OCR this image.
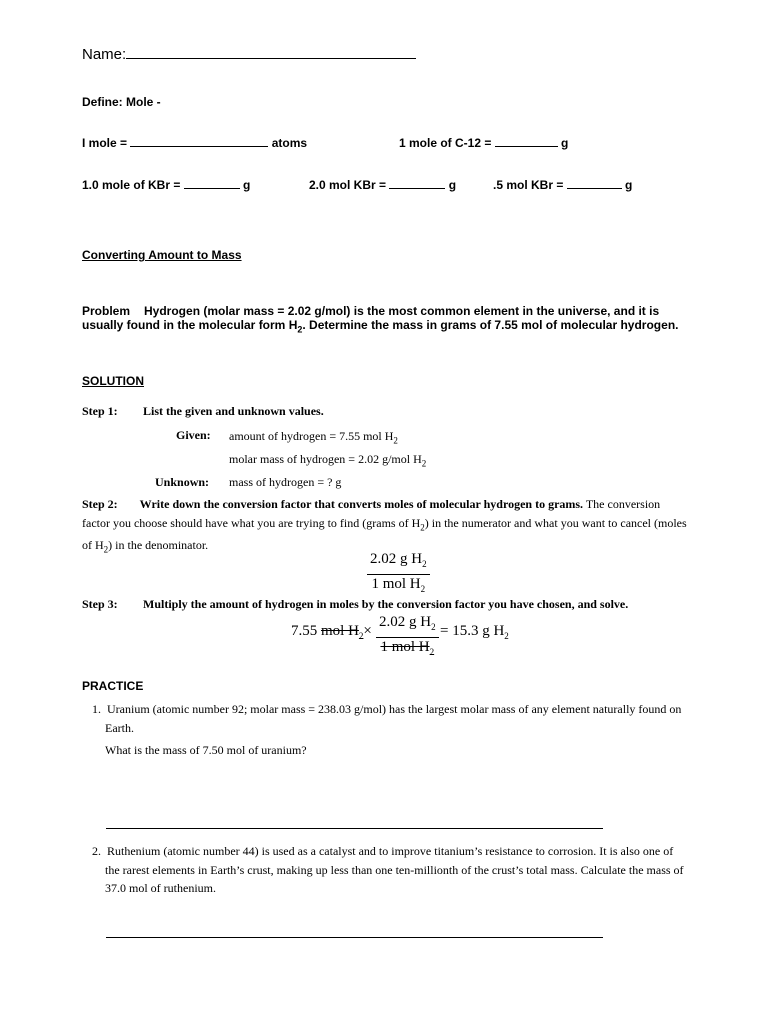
Name:
Define: Mole -
I mole =	atoms	1 mole of C-12 =	g
1.0 mole of KBr =	g	2.0 mol KBr =	g	.5 mol KBr =	g
Converting Amount to Mass
Problem Hydrogen (molar mass = 2.02 g/mol) is the most common element in the universe, and it is
usually found in the molecular form $H_2$. Determine the mass in grams of 7.55 mol of molecular hydrogen.
SOLUTION
Step 1: List the given and unknown values.
Given: amount of hydrogen = 7.55 mol $H_2$
molar mass of hydrogen = 2.02 g/mol $H_2$
Unknown: mass of hydrogen = ? g
Step 2: Write down the conversion factor that converts moles of molecular hydrogen to grams. The conversion
factor you choose should have what you are trying to find (grams of $H_2$) in the numerator and what you want to cancel (moles
of $H_2$) in the denominator.
2.02 g $H_2$
1 mol $H_2$
Step 3: Multiply the amount of hydrogen in moles by the conversion factor you have chosen, and solve.
7.55 mol $H_2\times$
2.02 g $H_2$
1 mol $H_2$
= 15.3 g $H_2$
PRACTICE
1. Uranium (atomic number 92; molar mass = 238.03 g/mol) has the largest molar mass of any element naturally found on
Earth.
What is the mass of 7.50 mol of uranium?
2. Ruthenium (atomic number 44) is used as a catalyst and to improve titanium’s resistance to corrosion. It is also one of
the rarest elements in Earth’s crust, making up less than one ten-millionth of the crust’s total mass. Calculate the mass of
37.0 mol of ruthenium.
